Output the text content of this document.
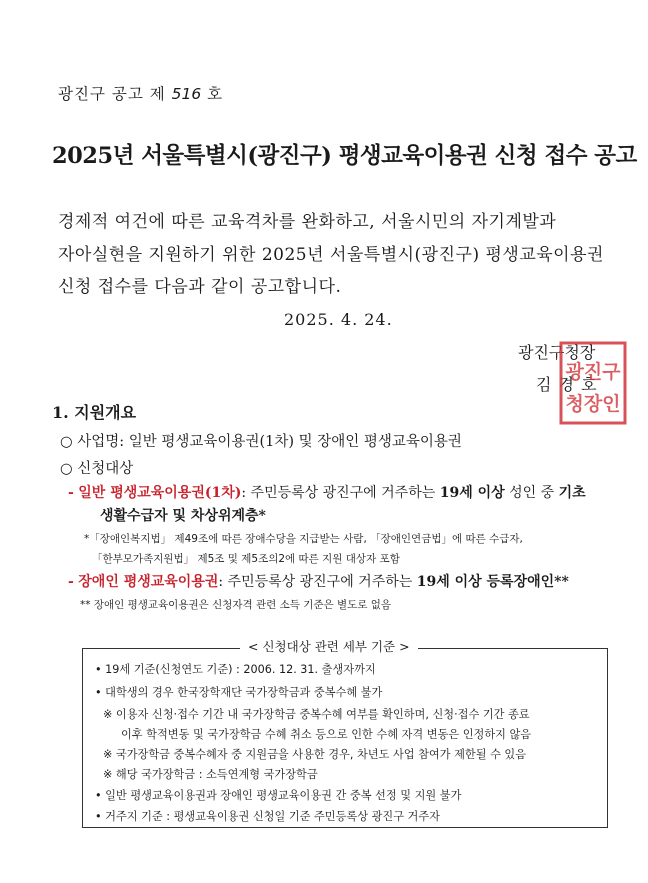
광진구 공고 제 516 호
2025년 서울특별시(광진구) 평생교육이용권 신청 접수 공고
경제적 여건에 따른 교육격차를 완화하고, 서울시민의 자기계발과
자아실현을 지원하기 위한 2025년 서울특별시(광진구) 평생교육이용권
신청 접수를 다음과 같이 공고합니다.
2025. 4. 24.
광진구청장
김 경 호
광진구
청장인
1. 지원개요
○ 사업명: 일반 평생교육이용권(1차) 및 장애인 평생교육이용권
○ 신청대상
- 일반 평생교육이용권(1차): 주민등록상 광진구에 거주하는 19세 이상 성인 중 기초
생활수급자 및 차상위계층*
*「장애인복지법」 제49조에 따른 장애수당을 지급받는 사람, 「장애인연금법」에 따른 수급자,
「한부모가족지원법」 제5조 및 제5조의2에 따른 지원 대상자 포함
- 장애인 평생교육이용권: 주민등록상 광진구에 거주하는 19세 이상 등록장애인**
** 장애인 평생교육이용권은 신청자격 관련 소득 기준은 별도로 없음
< 신청대상 관련 세부 기준 >
• 19세 기준(신청연도 기준) : 2006. 12. 31. 출생자까지
• 대학생의 경우 한국장학재단 국가장학금과 중복수혜 불가
※ 이용자 신청·접수 기간 내 국가장학금 중복수혜 여부를 확인하며, 신청·접수 기간 종료
이후 학적변동 및 국가장학금 수혜 취소 등으로 인한 수혜 자격 변동은 인정하지 않음
※ 국가장학금 중복수혜자 중 지원금을 사용한 경우, 차년도 사업 참여가 제한될 수 있음
※ 해당 국가장학금 : 소득연계형 국가장학금
• 일반 평생교육이용권과 장애인 평생교육이용권 간 중복 선정 및 지원 불가
• 거주지 기준 : 평생교육이용권 신청일 기준 주민등록상 광진구 거주자
